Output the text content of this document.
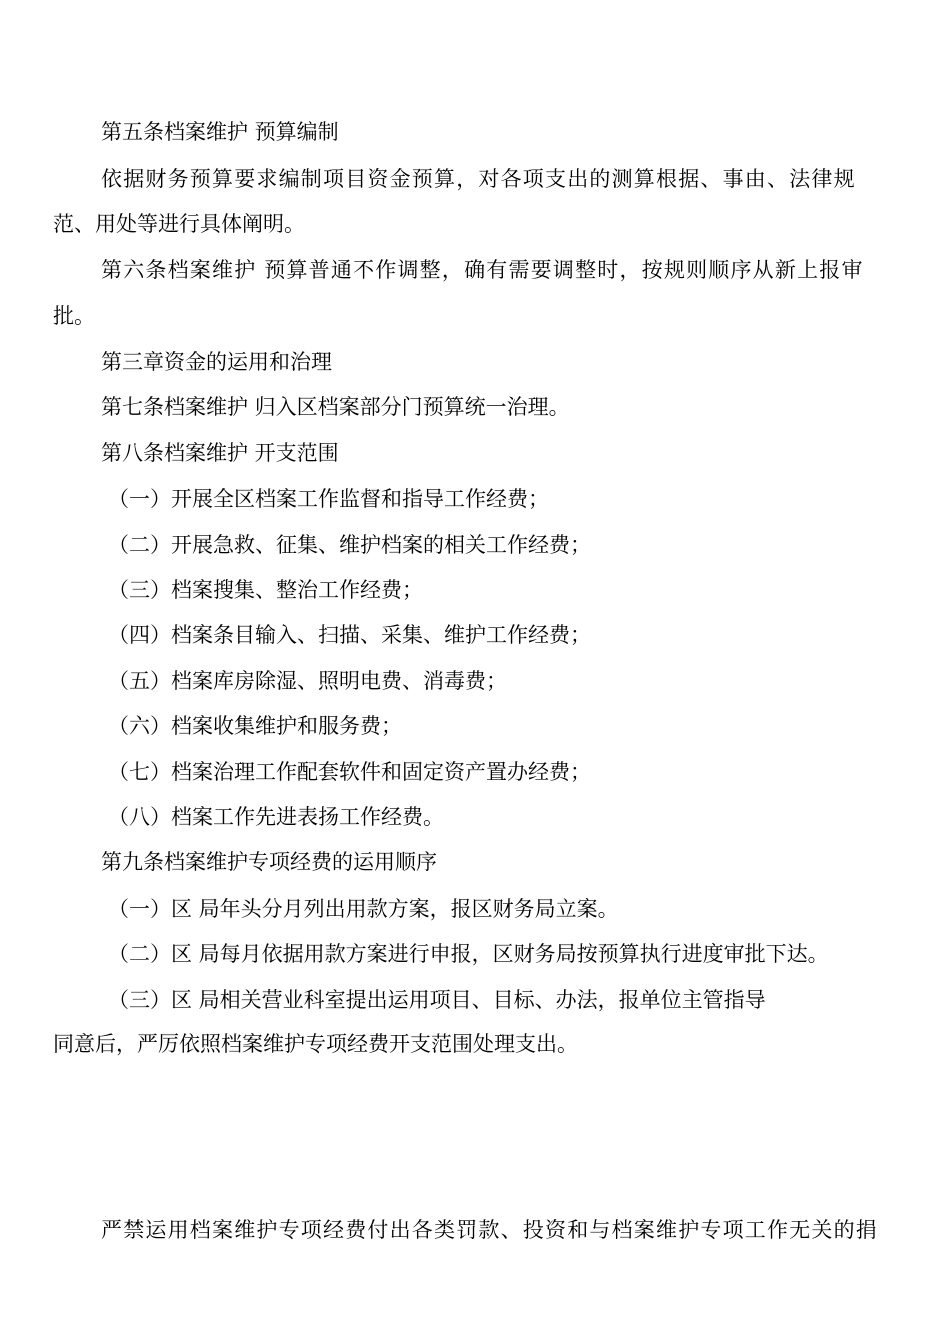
第五条档案维护 预算编制
依据财务预算要求编制项目资金预算，对各项支出的测算根据、事由、法律规
范、用处等进行具体阐明。
第六条档案维护 预算普通不作调整，确有需要调整时，按规则顺序从新上报审
批。
第三章资金的运用和治理
第七条档案维护 归入区档案部分门预算统一治理。
第八条档案维护 开支范围
（一）开展全区档案工作监督和指导工作经费；
（二）开展急救、征集、维护档案的相关工作经费；
（三）档案搜集、整治工作经费；
（四）档案条目输入、扫描、采集、维护工作经费；
（五）档案库房除湿、照明电费、消毒费；
（六）档案收集维护和服务费；
（七）档案治理工作配套软件和固定资产置办经费；
（八）档案工作先进表扬工作经费。
第九条档案维护专项经费的运用顺序
（一）区 局年头分月列出用款方案，报区财务局立案。
（二）区 局每月依据用款方案进行申报，区财务局按预算执行进度审批下达。
（三）区 局相关营业科室提出运用项目、目标、办法，报单位主管指导
同意后，严厉依照档案维护专项经费开支范围处理支出。
严禁运用档案维护专项经费付出各类罚款、投资和与档案维护专项工作无关的捐
